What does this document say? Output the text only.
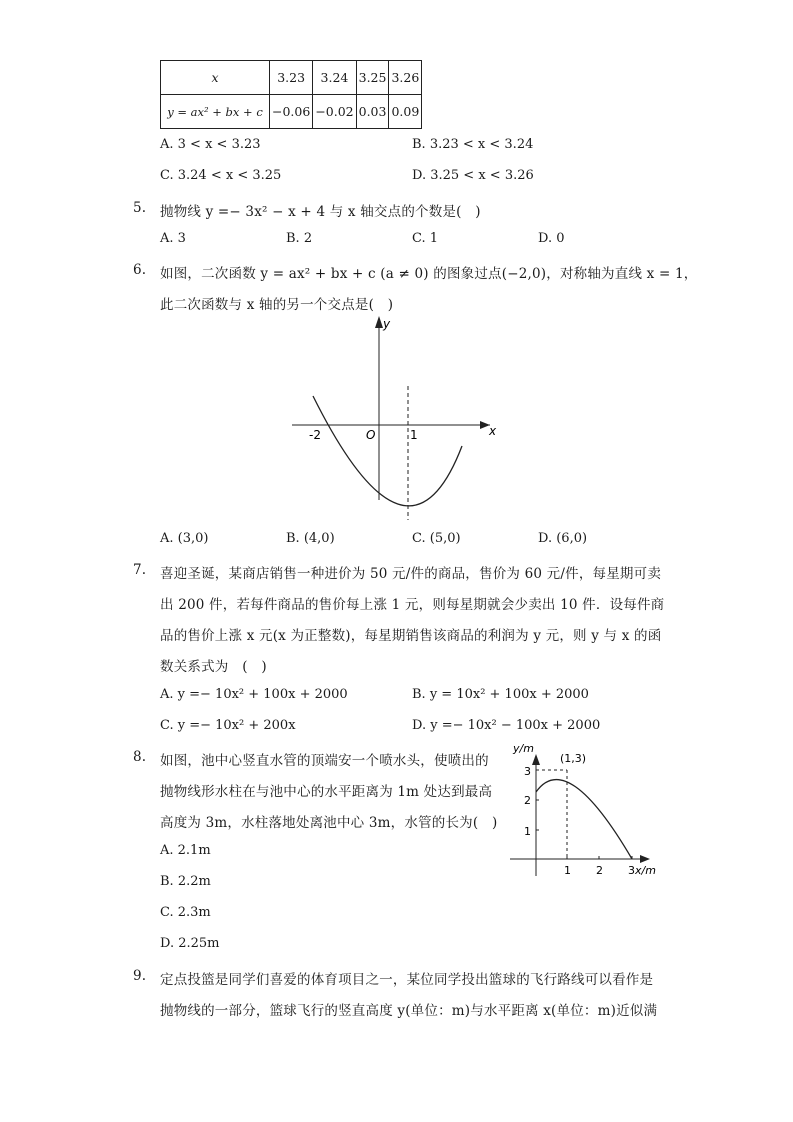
x	3.23	3.24	3.25	3.26
y = ax² + bx + c	−0.06	−0.02	0.03	0.09
A. 3 < x < 3.23	B. 3.23 < x < 3.24
C. 3.24 < x < 3.25	D. 3.25 < x < 3.26
5. 抛物线 y =− 3x² − x + 4 与 x 轴交点的个数是(　)
A. 3	B. 2	C. 1	D. 0
6. 如图，二次函数 y = ax² + bx + c (a ≠ 0) 的图象过点(−2,0)，对称轴为直线 x = 1，
此二次函数与 x 轴的另一个交点是(　)
y
x
O
-2	1
A. (3,0)	B. (4,0)	C. (5,0)	D. (6,0)
7. 喜迎圣诞，某商店销售一种进价为 50 元/件的商品，售价为 60 元/件，每星期可卖
出 200 件，若每件商品的售价每上涨 1 元，则每星期就会少卖出 10 件．设每件商
品的售价上涨 x 元(x 为正整数)，每星期销售该商品的利润为 y 元，则 y 与 x 的函
数关系式为　(　)
A. y =− 10x² + 100x + 2000	B. y = 10x² + 100x + 2000
C. y =− 10x² + 200x	D. y =− 10x² − 100x + 2000
8. 如图，池中心竖直水管的顶端安一个喷水头，使喷出的
抛物线形水柱在与池中心的水平距离为 1m 处达到最高
高度为 3m，水柱落地处离池中心 3m，水管的长为(　)
A. 2.1m
B. 2.2m
C. 2.3m
D. 2.25m
y/m
x/m
(1,3)
3
2
1
1 2 3
9. 定点投篮是同学们喜爱的体育项目之一，某位同学投出篮球的飞行路线可以看作是
抛物线的一部分，篮球飞行的竖直高度 y(单位：m)与水平距离 x(单位：m)近似满
